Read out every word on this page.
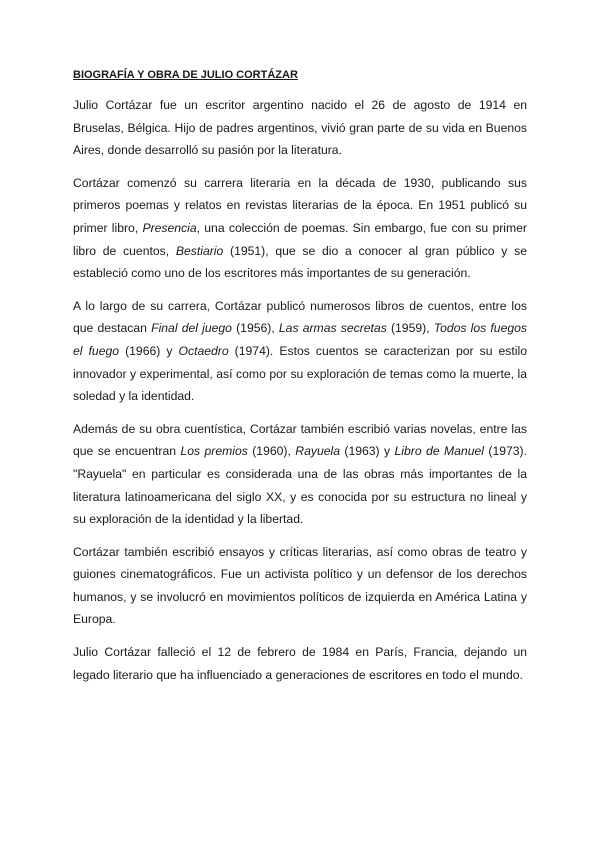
BIOGRAFÍA Y OBRA DE JULIO CORTÁZAR

Julio Cortázar fue un escritor argentino nacido el 26 de agosto de 1914 en Bruselas, Bélgica. Hijo de padres argentinos, vivió gran parte de su vida en Buenos Aires, donde desarrolló su pasión por la literatura.

Cortázar comenzó su carrera literaria en la década de 1930, publicando sus primeros poemas y relatos en revistas literarias de la época. En 1951 publicó su primer libro, Presencia, una colección de poemas. Sin embargo, fue con su primer libro de cuentos, Bestiario (1951), que se dio a conocer al gran público y se estableció como uno de los escritores más importantes de su generación.

A lo largo de su carrera, Cortázar publicó numerosos libros de cuentos, entre los que destacan Final del juego (1956), Las armas secretas (1959), Todos los fuegos el fuego (1966) y Octaedro (1974). Estos cuentos se caracterizan por su estilo innovador y experimental, así como por su exploración de temas como la muerte, la soledad y la identidad.

Además de su obra cuentística, Cortázar también escribió varias novelas, entre las que se encuentran Los premios (1960), Rayuela (1963) y Libro de Manuel (1973). "Rayuela" en particular es considerada una de las obras más importantes de la literatura latinoamericana del siglo XX, y es conocida por su estructura no lineal y su exploración de la identidad y la libertad.

Cortázar también escribió ensayos y críticas literarias, así como obras de teatro y guiones cinematográficos. Fue un activista político y un defensor de los derechos humanos, y se involucró en movimientos políticos de izquierda en América Latina y Europa.

Julio Cortázar falleció el 12 de febrero de 1984 en París, Francia, dejando un legado literario que ha influenciado a generaciones de escritores en todo el mundo.
